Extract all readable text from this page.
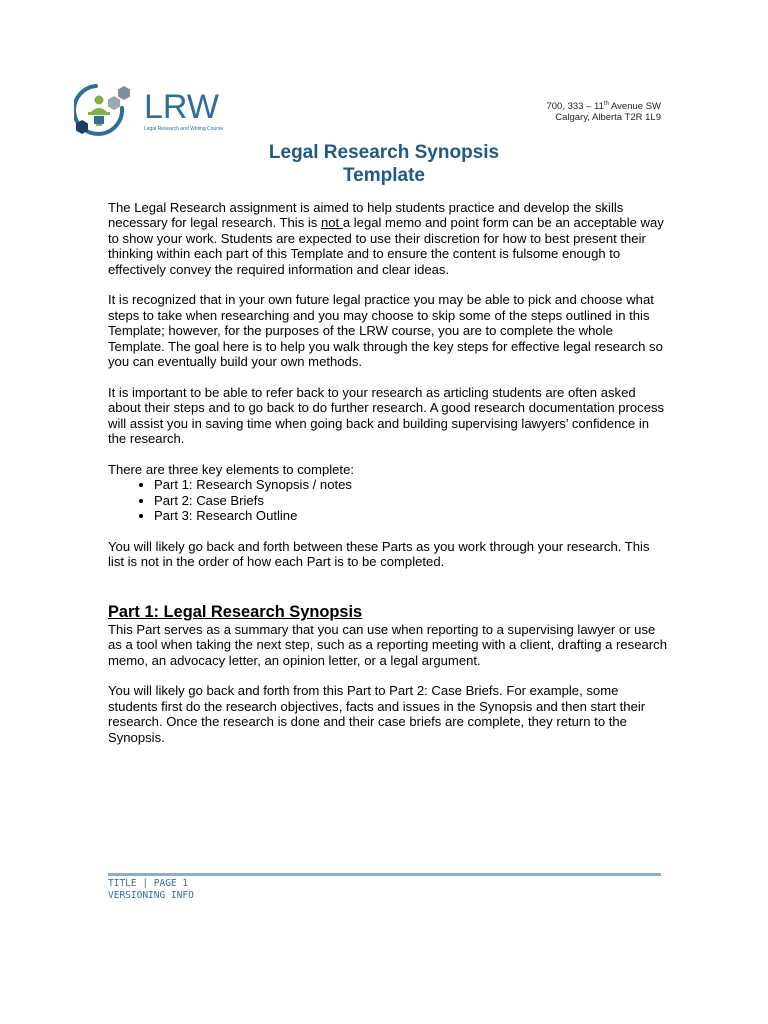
LRW
Legal Research and Writing Course
700, 333 – 11th Avenue SW
Calgary, Alberta T2R 1L9
Legal Research Synopsis
Template

The Legal Research assignment is aimed to help students practice and develop the skills necessary for legal research. This is not a legal memo and point form can be an acceptable way to show your work. Students are expected to use their discretion for how to best present their thinking within each part of this Template and to ensure the content is fulsome enough to effectively convey the required information and clear ideas.

It is recognized that in your own future legal practice you may be able to pick and choose what steps to take when researching and you may choose to skip some of the steps outlined in this Template; however, for the purposes of the LRW course, you are to complete the whole Template. The goal here is to help you walk through the key steps for effective legal research so you can eventually build your own methods.

It is important to be able to refer back to your research as articling students are often asked about their steps and to go back to do further research. A good research documentation process will assist you in saving time when going back and building supervising lawyers’ confidence in the research.

There are three key elements to complete:
• Part 1: Research Synopsis / notes
• Part 2: Case Briefs
• Part 3: Research Outline

You will likely go back and forth between these Parts as you work through your research. This list is not in the order of how each Part is to be completed.

Part 1: Legal Research Synopsis

This Part serves as a summary that you can use when reporting to a supervising lawyer or use as a tool when taking the next step, such as a reporting meeting with a client, drafting a research memo, an advocacy letter, an opinion letter, or a legal argument.

You will likely go back and forth from this Part to Part 2: Case Briefs. For example, some students first do the research objectives, facts and issues in the Synopsis and then start their research. Once the research is done and their case briefs are complete, they return to the Synopsis.

TITLE | PAGE 1
VERSIONING INFO
